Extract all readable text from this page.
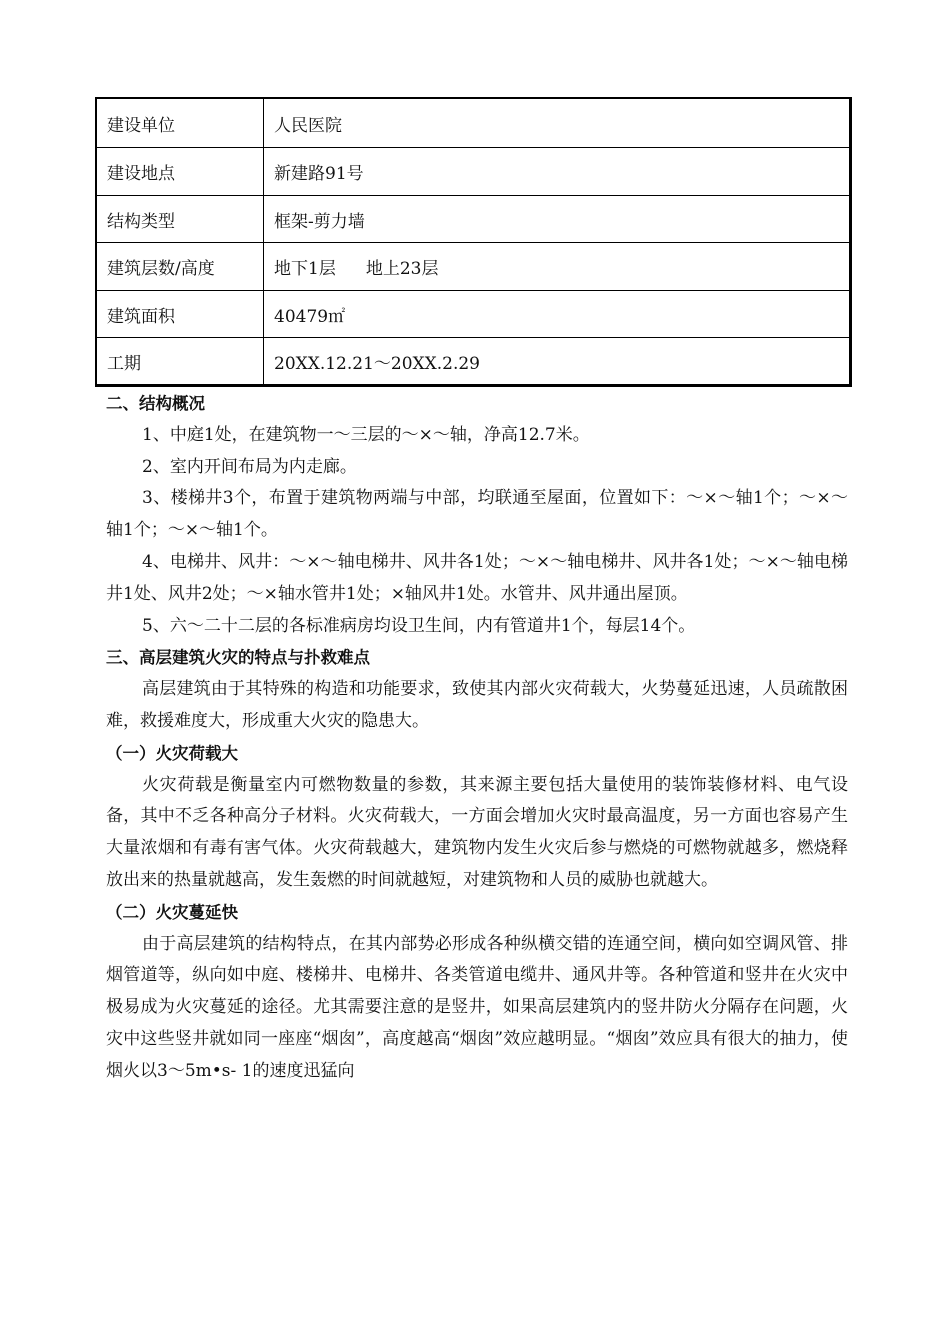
建设单位	人民医院
建设地点	新建路91号
结构类型	框架-剪力墙
建筑层数/高度	地下1层 地上23层
建筑面积	40479㎡
工期	20XX.12.21～20XX.2.29

二、结构概况

1、中庭1处，在建筑物一～三层的～×～轴，净高12.7米。

2、室内开间布局为内走廊。

3、楼梯井3个，布置于建筑物两端与中部，均联通至屋面，位置如下：～×～轴1个；～×～轴1个；～×～轴1个。

4、电梯井、风井：～×～轴电梯井、风井各1处；～×～轴电梯井、风井各1处；～×～轴电梯井1处、风井2处；～×轴水管井1处；×轴风井1处。水管井、风井通出屋顶。

5、六～二十二层的各标准病房均设卫生间，内有管道井1个，每层14个。

三、高层建筑火灾的特点与扑救难点

高层建筑由于其特殊的构造和功能要求，致使其内部火灾荷载大，火势蔓延迅速，人员疏散困难，救援难度大，形成重大火灾的隐患大。

（一）火灾荷载大

火灾荷载是衡量室内可燃物数量的参数，其来源主要包括大量使用的装饰装修材料、电气设备，其中不乏各种高分子材料。火灾荷载大，一方面会增加火灾时最高温度，另一方面也容易产生大量浓烟和有毒有害气体。火灾荷载越大，建筑物内发生火灾后参与燃烧的可燃物就越多，燃烧释放出来的热量就越高，发生轰燃的时间就越短，对建筑物和人员的威胁也就越大。

（二）火灾蔓延快

由于高层建筑的结构特点，在其内部势必形成各种纵横交错的连通空间，横向如空调风管、排烟管道等，纵向如中庭、楼梯井、电梯井、各类管道电缆井、通风井等。各种管道和竖井在火灾中极易成为火灾蔓延的途径。尤其需要注意的是竖井，如果高层建筑内的竖井防火分隔存在问题，火灾中这些竖井就如同一座座“烟囱”，高度越高“烟囱”效应越明显。“烟囱”效应具有很大的抽力，使烟火以3～5m•s- 1的速度迅猛向
